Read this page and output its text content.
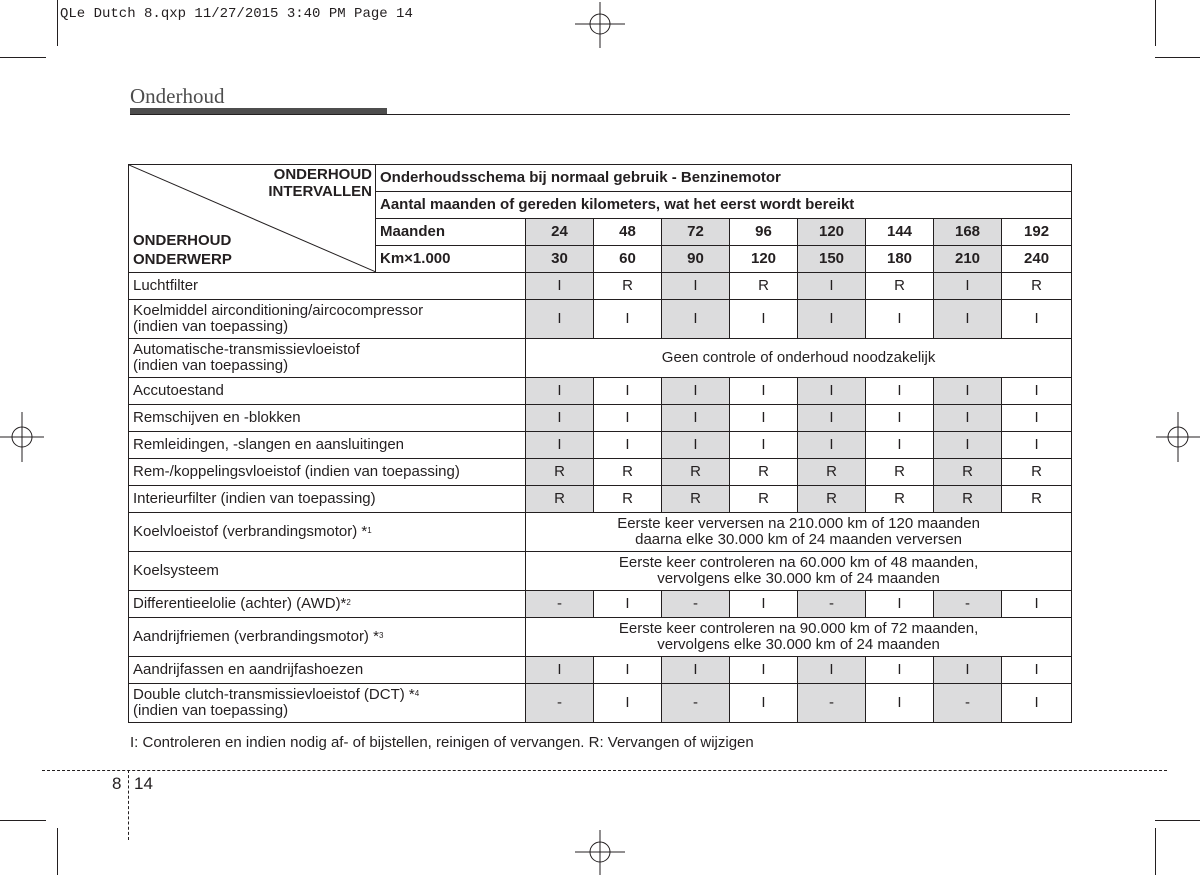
QLe Dutch 8.qxp 11/27/2015 3:40 PM Page 14
Onderhoud
ONDERHOUD
INTERVALLEN
ONDERHOUD
ONDERWERP	Onderhoudsschema bij normaal gebruik - Benzinemotor								
	Aantal maanden of gereden kilometers, wat het eerst wordt bereikt								
	Maanden	24	48	72	96	120	144	168	192
	Km×1.000	30	60	90	120	150	180	210	240

Luchtfilter		I	R	I	R	I	R	I	R

Koelmiddel airconditioning/aircocompressor
(indien van toepassing)		I	I	I	I	I	I	I	I

Automatische-transmissievloeistof
(indien van toepassing)		Geen controle of onderhoud noodzakelijk							

Accutoestand		I	I	I	I	I	I	I	I

Remschijven en -blokken		I	I	I	I	I	I	I	I

Remleidingen, -slangen en aansluitingen		I	I	I	I	I	I	I	I

Rem-/koppelingsvloeistof (indien van toepassing)		R	R	R	R	R	R	R	R

Interieurfilter (indien van toepassing)		R	R	R	R	R	R	R	R

Koelvloeistof (verbrandingsmotor) *$^1$		Eerste keer verversen na 210.000 km of 120 maanden
daarna elke 30.000 km of 24 maanden verversen							

Koelsysteem		Eerste keer controleren na 60.000 km of 48 maanden,
vervolgens elke 30.000 km of 24 maanden							

Differentieelolie (achter) (AWD)*$^2$		-	I	-	I	-	I	-	I

Aandrijfriemen (verbrandingsmotor) *$^3$		Eerste keer controleren na 90.000 km of 72 maanden,
vervolgens elke 30.000 km of 24 maanden							

Aandrijfassen en aandrijfashoezen		I	I	I	I	I	I	I	I

Double clutch-transmissievloeistof (DCT) *$^4$
(indien van toepassing)		-	I	-	I	-	I	-	I
I: Controleren en indien nodig af- of bijstellen, reinigen of vervangen. R: Vervangen of wijzigen
8 14
